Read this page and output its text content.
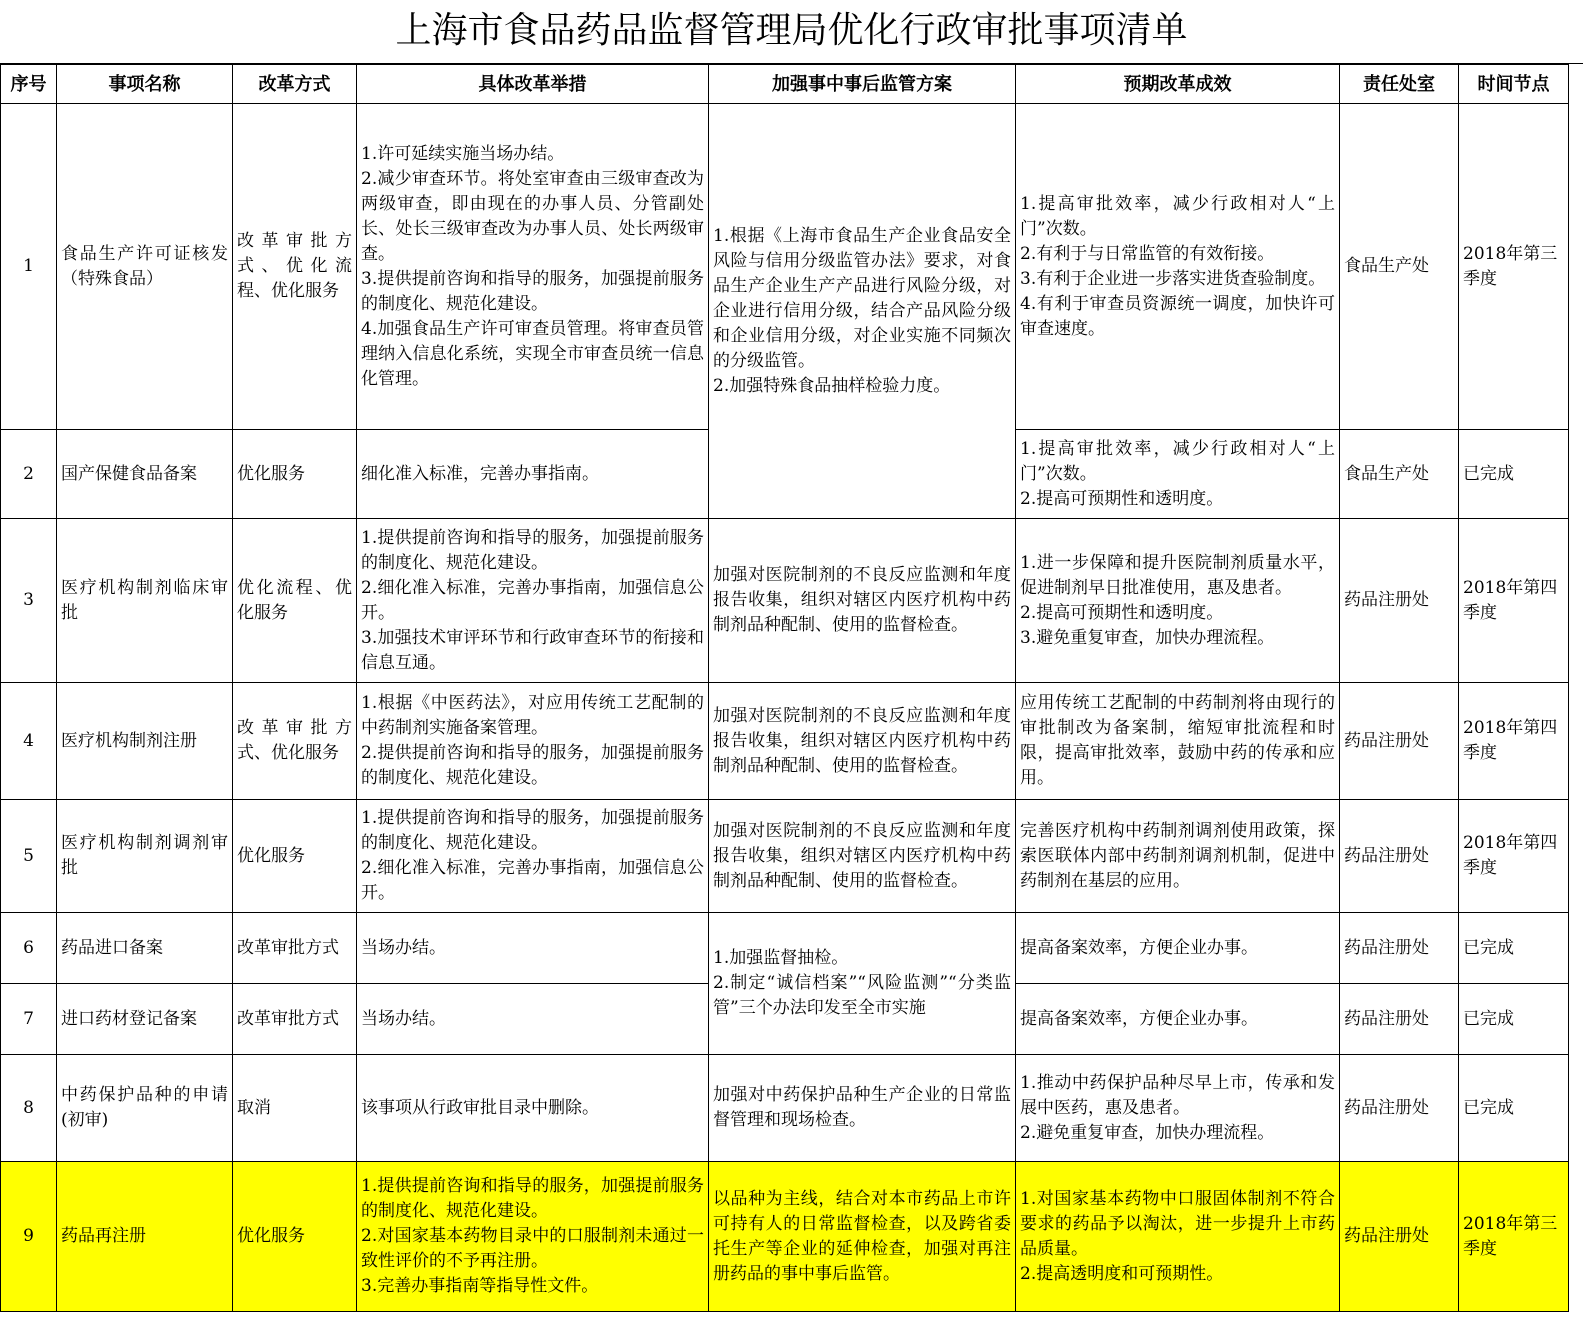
上海市食品药品监督管理局优化行政审批事项清单
序号	事项名称	改革方式	具体改革举措	加强事中事后监管方案	预期改革成效	责任处室	时间节点
1	食品生产许可证核发（特殊食品）	改革审批方式、优化流程、优化服务	1.许可延续实施当场办结。
2.减少审查环节。将处室审查由三级审查改为两级审查，即由现在的办事人员、分管副处长、处长三级审查改为办事人员、处长两级审查。
3.提供提前咨询和指导的服务，加强提前服务的制度化、规范化建设。
4.加强食品生产许可审查员管理。将审查员管理纳入信息化系统，实现全市审查员统一信息化管理。	1.根据《上海市食品生产企业食品安全风险与信用分级监管办法》要求，对食品生产企业生产产品进行风险分级，对企业进行信用分级，结合产品风险分级和企业信用分级，对企业实施不同频次的分级监管。
2.加强特殊食品抽样检验力度。	1.提高审批效率，减少行政相对人“上门”次数。
2.有利于与日常监管的有效衔接。
3.有利于企业进一步落实进货查验制度。
4.有利于审查员资源统一调度，加快许可审查速度。	食品生产处	2018年第三季度
2	国产保健食品备案	优化服务	细化准入标准，完善办事指南。		1.提高审批效率，减少行政相对人“上门”次数。
2.提高可预期性和透明度。	食品生产处	已完成
3	医疗机构制剂临床审批	优化流程、优化服务	1.提供提前咨询和指导的服务，加强提前服务的制度化、规范化建设。
2.细化准入标准，完善办事指南，加强信息公开。
3.加强技术审评环节和行政审查环节的衔接和信息互通。	加强对医院制剂的不良反应监测和年度报告收集，组织对辖区内医疗机构中药制剂品种配制、使用的监督检查。	1.进一步保障和提升医院制剂质量水平，促进制剂早日批准使用，惠及患者。
2.提高可预期性和透明度。
3.避免重复审查，加快办理流程。	药品注册处	2018年第四季度
4	医疗机构制剂注册	改革审批方式、优化服务	1.根据《中医药法》，对应用传统工艺配制的中药制剂实施备案管理。
2.提供提前咨询和指导的服务，加强提前服务的制度化、规范化建设。	加强对医院制剂的不良反应监测和年度报告收集，组织对辖区内医疗机构中药制剂品种配制、使用的监督检查。	应用传统工艺配制的中药制剂将由现行的审批制改为备案制，缩短审批流程和时限，提高审批效率，鼓励中药的传承和应用。	药品注册处	2018年第四季度
5	医疗机构制剂调剂审批	优化服务	1.提供提前咨询和指导的服务，加强提前服务的制度化、规范化建设。
2.细化准入标准，完善办事指南，加强信息公开。	加强对医院制剂的不良反应监测和年度报告收集，组织对辖区内医疗机构中药制剂品种配制、使用的监督检查。	完善医疗机构中药制剂调剂使用政策，探索医联体内部中药制剂调剂机制，促进中药制剂在基层的应用。	药品注册处	2018年第四季度
6	药品进口备案	改革审批方式	当场办结。	1.加强监督抽检。
2.制定“诚信档案”“风险监测”“分类监管”三个办法印发至全市实施	提高备案效率，方便企业办事。	药品注册处	已完成
7	进口药材登记备案	改革审批方式	当场办结。		提高备案效率，方便企业办事。	药品注册处	已完成
8	中药保护品种的申请(初审)	取消	该事项从行政审批目录中删除。	加强对中药保护品种生产企业的日常监督管理和现场检查。	1.推动中药保护品种尽早上市，传承和发展中医药，惠及患者。
2.避免重复审查，加快办理流程。	药品注册处	已完成
9	药品再注册	优化服务	1.提供提前咨询和指导的服务，加强提前服务的制度化、规范化建设。
2.对国家基本药物目录中的口服制剂未通过一致性评价的不予再注册。
3.完善办事指南等指导性文件。	以品种为主线，结合对本市药品上市许可持有人的日常监督检查，以及跨省委托生产等企业的延伸检查，加强对再注册药品的事中事后监管。	1.对国家基本药物中口服固体制剂不符合要求的药品予以淘汰，进一步提升上市药品质量。
2.提高透明度和可预期性。	药品注册处	2018年第三季度
